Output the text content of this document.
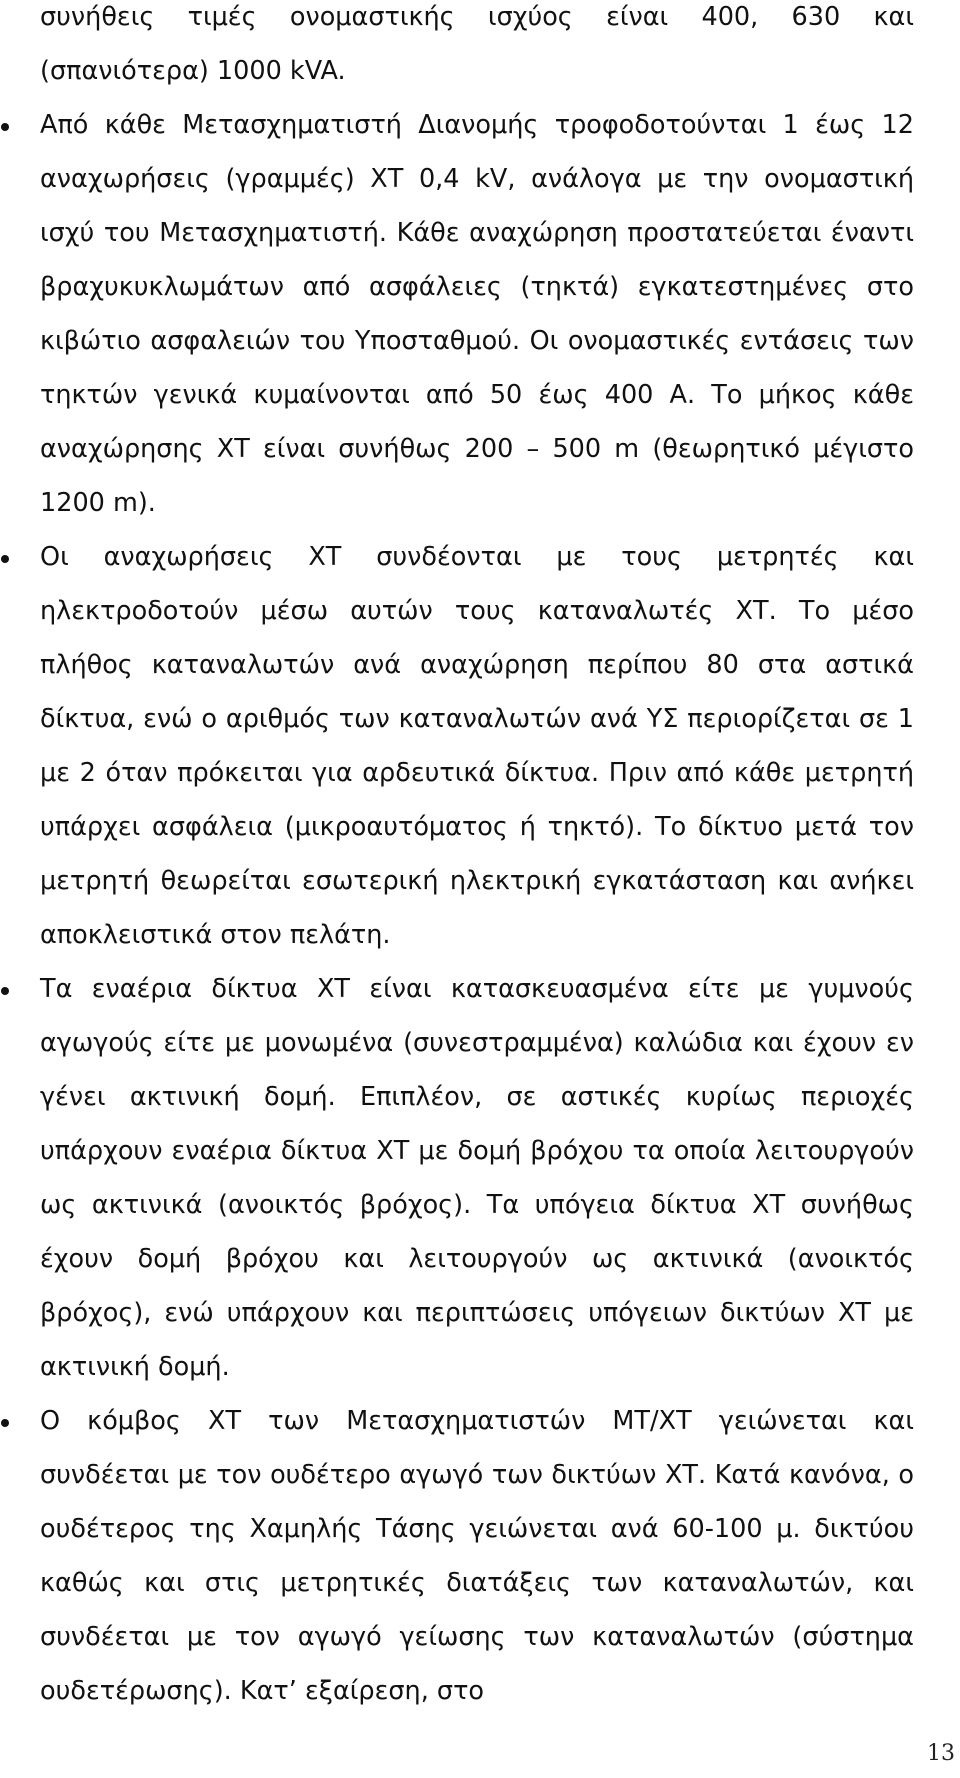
συνήθεις τιμές ονομαστικής ισχύος είναι 400, 630 και (σπανιότερα) 1000 kVA.

Από κάθε Μετασχηματιστή Διανομής τροφοδοτούνται 1 έως 12 αναχωρήσεις (γραμμές) ΧΤ 0,4 kV, ανάλογα με την ονομαστική ισχύ του Μετασχηματιστή. Κάθε αναχώρηση προστατεύεται έναντι βραχυκυκλωμάτων από ασφάλειες (τηκτά) εγκατεστημένες στο κιβώτιο ασφαλειών του Υποσταθμού. Οι ονομαστικές εντάσεις των τηκτών γενικά κυμαίνονται από 50 έως 400 Α. Το μήκος κάθε αναχώρησης ΧΤ είναι συνήθως 200 – 500 m (θεωρητικό μέγιστο 1200 m).

Οι αναχωρήσεις ΧΤ συνδέονται με τους μετρητές και ηλεκτροδοτούν μέσω αυτών τους καταναλωτές ΧΤ. Το μέσο πλήθος καταναλωτών ανά αναχώρηση περίπου 80 στα αστικά δίκτυα, ενώ ο αριθμός των καταναλωτών ανά ΥΣ περιορίζεται σε 1 με 2 όταν πρόκειται για αρδευτικά δίκτυα. Πριν από κάθε μετρητή υπάρχει ασφάλεια (μικροαυτόματος ή τηκτό). Το δίκτυο μετά τον μετρητή θεωρείται εσωτερική ηλεκτρική εγκατάσταση και ανήκει αποκλειστικά στον πελάτη.

Τα εναέρια δίκτυα ΧΤ είναι κατασκευασμένα είτε με γυμνούς αγωγούς είτε με μονωμένα (συνεστραμμένα) καλώδια και έχουν εν γένει ακτινική δομή. Επιπλέον, σε αστικές κυρίως περιοχές υπάρχουν εναέρια δίκτυα ΧΤ με δομή βρόχου τα οποία λειτουργούν ως ακτινικά (ανοικτός βρόχος). Τα υπόγεια δίκτυα ΧΤ συνήθως έχουν δομή βρόχου και λειτουργούν ως ακτινικά (ανοικτός βρόχος), ενώ υπάρχουν και περιπτώσεις υπόγειων δικτύων ΧΤ με ακτινική δομή.

Ο κόμβος ΧΤ των Μετασχηματιστών ΜΤ/ΧΤ γειώνεται και συνδέεται με τον ουδέτερο αγωγό των δικτύων ΧΤ. Κατά κανόνα, ο ουδέτερος της Χαμηλής Τάσης γειώνεται ανά 60-100 μ. δικτύου καθώς και στις μετρητικές διατάξεις των καταναλωτών, και συνδέεται με τον αγωγό γείωσης των καταναλωτών (σύστημα ουδετέρωσης). Κατ’ εξαίρεση, στο

13
